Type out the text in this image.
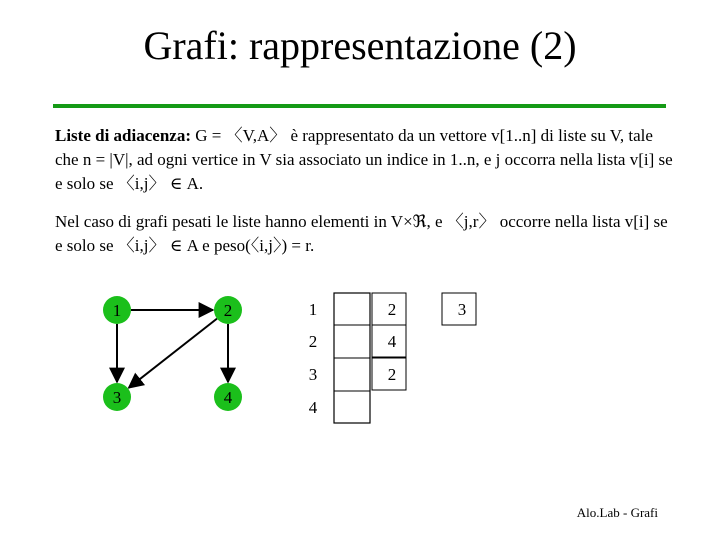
Grafi: rappresentazione (2)
Liste di adiacenza: G = 〈V,A〉 è rappresentato da un vettore v[1..n] di liste su V, tale che n = |V|, ad ogni vertice in V sia associato un indice in 1..n, e j occorra nella lista v[i] se e solo se 〈i,j〉 ∈ A.
Nel caso di grafi pesati le liste hanno elementi in V×ℜ, e 〈j,r〉 occorre nella lista v[i] se e solo se 〈i,j〉 ∈ A e peso(〈i,j〉) = r.
1	2
3	4
1	2	3
2	4
3	2
4
Alo.Lab - Grafi
